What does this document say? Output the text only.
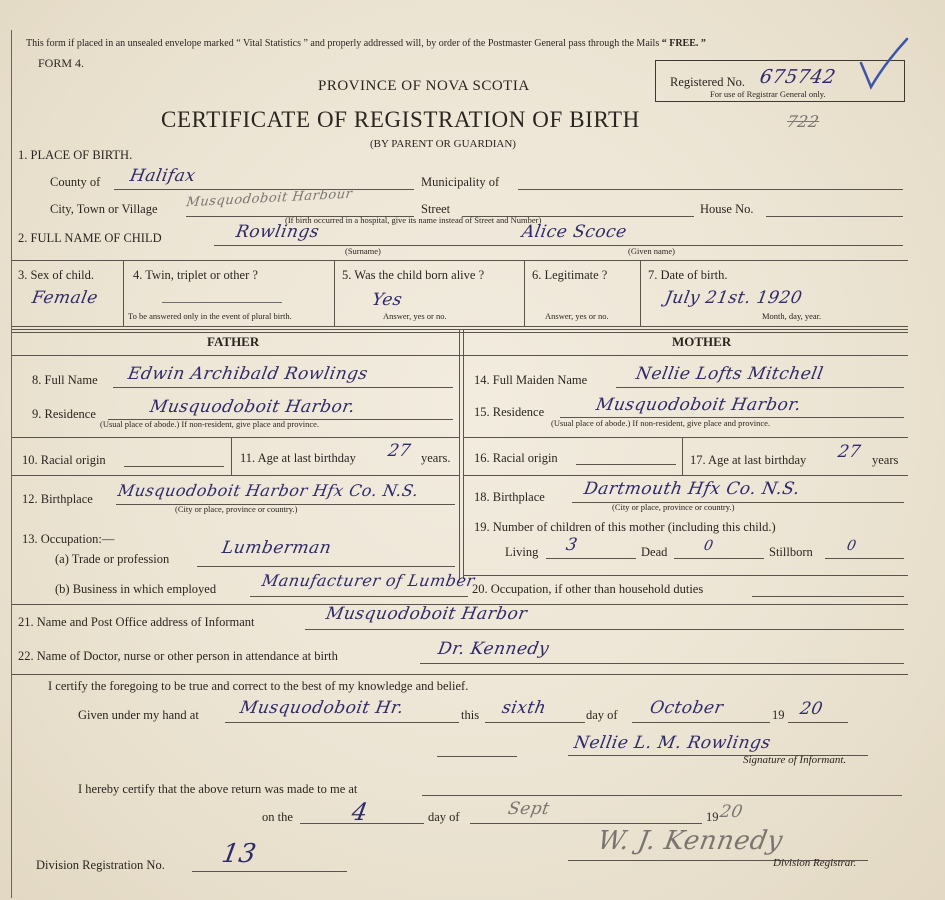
This form if placed in an unsealed envelope marked “ Vital Statistics ” and properly addressed will, by order of the Postmaster General pass through the Mails “ FREE. ”
FORM 4.
PROVINCE OF NOVA SCOTIA
CERTIFICATE OF REGISTRATION OF BIRTH	722
(BY PARENT OR GUARDIAN)
Registered No. 675742
For use of Registrar General only.
1. PLACE OF BIRTH.
County of Halifax	Municipality of
City, Town or Village Musquodoboit Harbour	Street	House No.
(If birth occurred in a hospital, give its name instead of Street and Number)
2. FULL NAME OF CHILD	Rowlings	Alice Scoce
(Surname)	(Given name)
3. Sex of child.
Female
4. Twin, triplet or other ?
To be answered only in the event of plural birth.
5. Was the child born alive ?
Yes
Answer, yes or no.
6. Legitimate ?
Answer, yes or no.
7. Date of birth.
July 21st. 1920
Month, day, year.
FATHER	MOTHER
8. Full Name Edwin Archibald Rowlings
9. Residence	Musquodoboit Harbor.
(Usual place of abode.) If non-resident, give place and province.
10. Racial origin	11. Age at last birthday 27 years.
12. Birthplace Musquodoboit Harbor Hfx Co. N.S.
(City or place, province or country.)
13. Occupation:—
(a) Trade or profession
Lumberman
(b) Business in which employed	Manufacturer of Lumber
14. Full Maiden Name	Nellie Lofts Mitchell
15. Residence	Musquodoboit Harbor.
(Usual place of abode.) If non-resident, give place and province.
16. Racial origin	17. Age at last birthday 27 years
18. Birthplace Dartmouth Hfx Co. N.S.
(City or place, province or country.)
19. Number of children of this mother (including this child.)
Living 3	Dead	0	Stillborn 0
20. Occupation, if other than household duties
21. Name and Post Office address of Informant	Musquodoboit Harbor
22. Name of Doctor, nurse or other person in attendance at birth	Dr. Kennedy
I certify the foregoing to be true and correct to the best of my knowledge and belief.
Given under my hand at Musquodoboit Hr.	this sixth	day of October	19 20
Nellie L. M. Rowlings
Signature of Informant.
I hereby certify that the above return was made to me at
on the 4	day of	Sept	19 20
Division Registration No. 13	W. J. Kennedy
Division Registrar.
